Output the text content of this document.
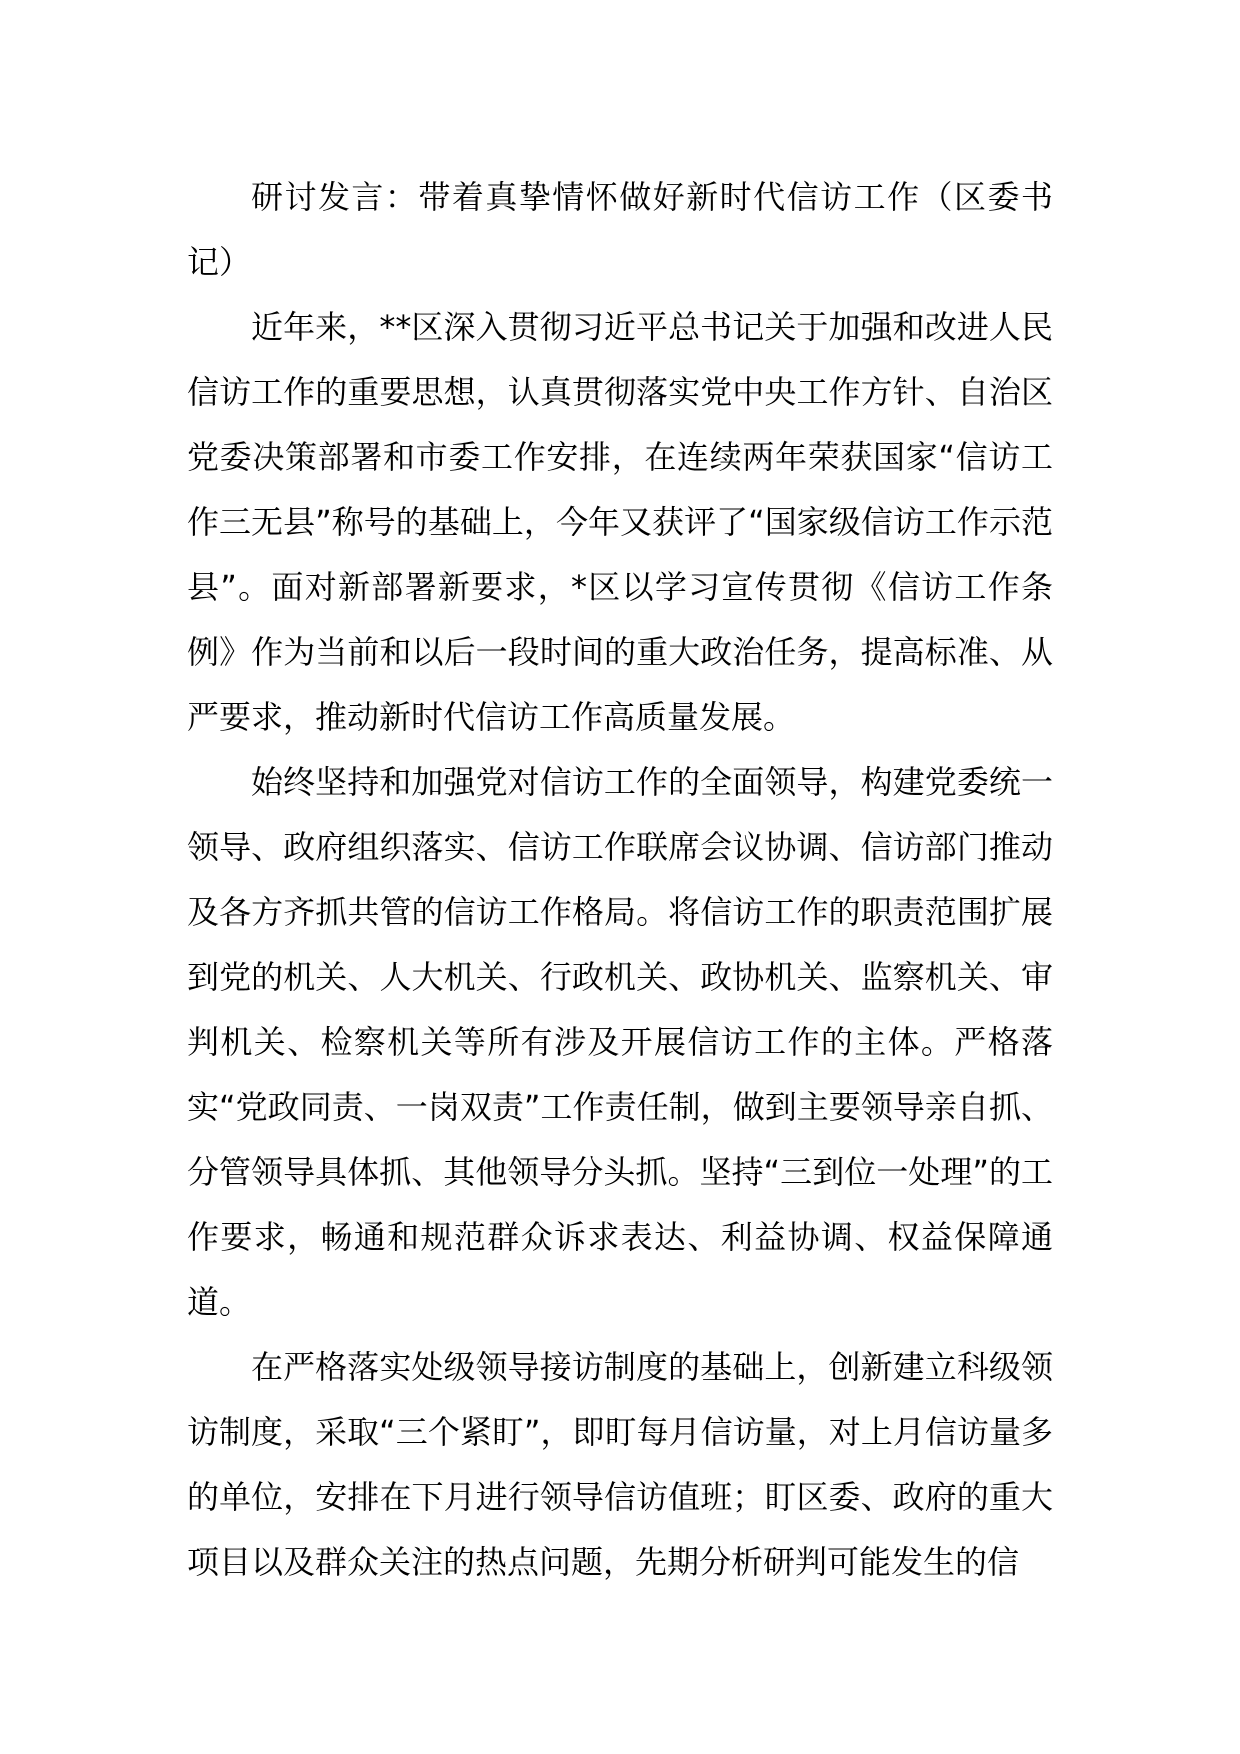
研讨发言：带着真挚情怀做好新时代信访工作（区委书记）

近年来，**区深入贯彻习近平总书记关于加强和改进人民信访工作的重要思想，认真贯彻落实党中央工作方针、自治区党委决策部署和市委工作安排，在连续两年荣获国家“信访工作三无县”称号的基础上，今年又获评了“国家级信访工作示范县”。面对新部署新要求，*区以学习宣传贯彻《信访工作条例》作为当前和以后一段时间的重大政治任务，提高标准、从严要求，推动新时代信访工作高质量发展。

始终坚持和加强党对信访工作的全面领导，构建党委统一领导、政府组织落实、信访工作联席会议协调、信访部门推动及各方齐抓共管的信访工作格局。将信访工作的职责范围扩展到党的机关、人大机关、行政机关、政协机关、监察机关、审判机关、检察机关等所有涉及开展信访工作的主体。严格落实“党政同责、一岗双责”工作责任制，做到主要领导亲自抓、分管领导具体抓、其他领导分头抓。坚持“三到位一处理”的工作要求，畅通和规范群众诉求表达、利益协调、权益保障通道。

在严格落实处级领导接访制度的基础上，创新建立科级领访制度，采取“三个紧盯”，即盯每月信访量，对上月信访量多的单位，安排在下月进行领导信访值班；盯区委、政府的重大项目以及群众关注的热点问题，先期分析研判可能发生的信
